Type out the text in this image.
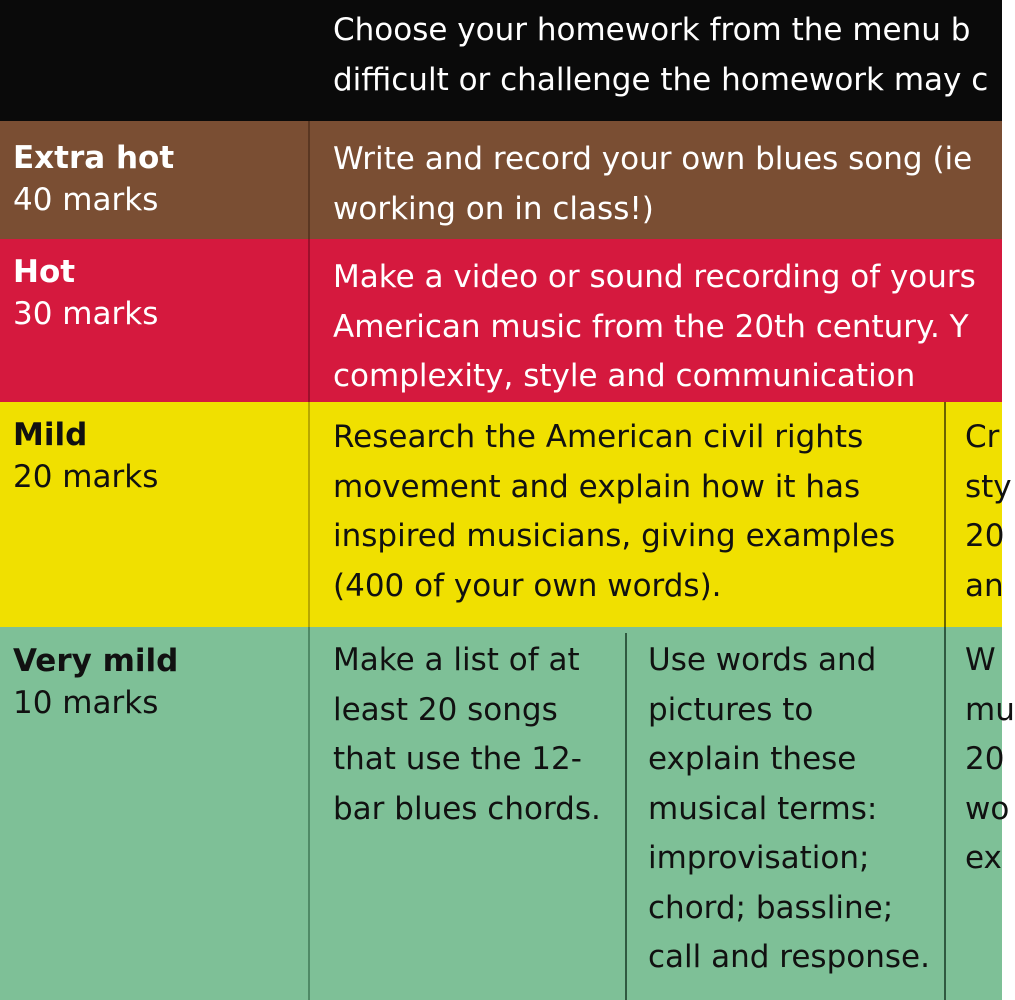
Choose your homework from the menu b
difficult or challenge the homework may c
Extra hot
40 marks
Write and record your own blues song (ie
working on in class!)
Hot
30 marks
Make a video or sound recording of yours
American music from the 20th century. Y
complexity, style and communication
Mild
20 marks
Research the American civil rights
movement and explain how it has
inspired musicians, giving examples
(400 of your own words).
Cr
sty
20
an
Very mild
10 marks
Make a list of at
least 20 songs
that use the 12-
bar blues chords.
Use words and
pictures to
explain these
musical terms:
improvisation;
chord; bassline;
call and response.
W
mu
20
wo
ex
